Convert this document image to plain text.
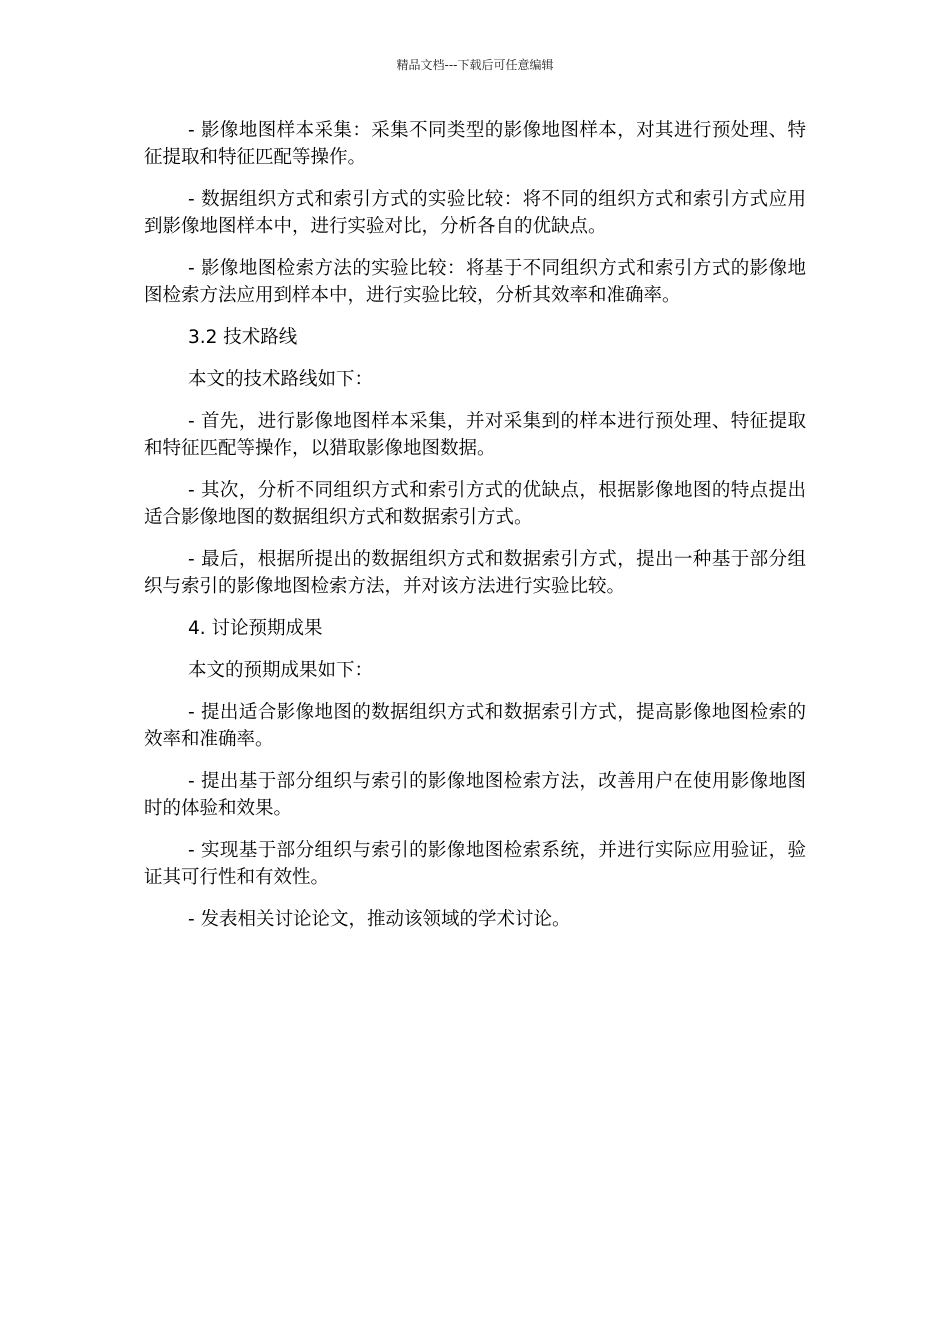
精品文档---下载后可任意编辑

- 影像地图样本采集：采集不同类型的影像地图样本，对其进行预处理、特征提取和特征匹配等操作。

- 数据组织方式和索引方式的实验比较：将不同的组织方式和索引方式应用到影像地图样本中，进行实验对比，分析各自的优缺点。

- 影像地图检索方法的实验比较：将基于不同组织方式和索引方式的影像地图检索方法应用到样本中，进行实验比较，分析其效率和准确率。

3.2 技术路线

本文的技术路线如下：

- 首先，进行影像地图样本采集，并对采集到的样本进行预处理、特征提取和特征匹配等操作，以猎取影像地图数据。

- 其次，分析不同组织方式和索引方式的优缺点，根据影像地图的特点提出适合影像地图的数据组织方式和数据索引方式。

- 最后，根据所提出的数据组织方式和数据索引方式，提出一种基于部分组织与索引的影像地图检索方法，并对该方法进行实验比较。

4. 讨论预期成果

本文的预期成果如下：

- 提出适合影像地图的数据组织方式和数据索引方式，提高影像地图检索的效率和准确率。

- 提出基于部分组织与索引的影像地图检索方法，改善用户在使用影像地图时的体验和效果。

- 实现基于部分组织与索引的影像地图检索系统，并进行实际应用验证，验证其可行性和有效性。

- 发表相关讨论论文，推动该领域的学术讨论。
